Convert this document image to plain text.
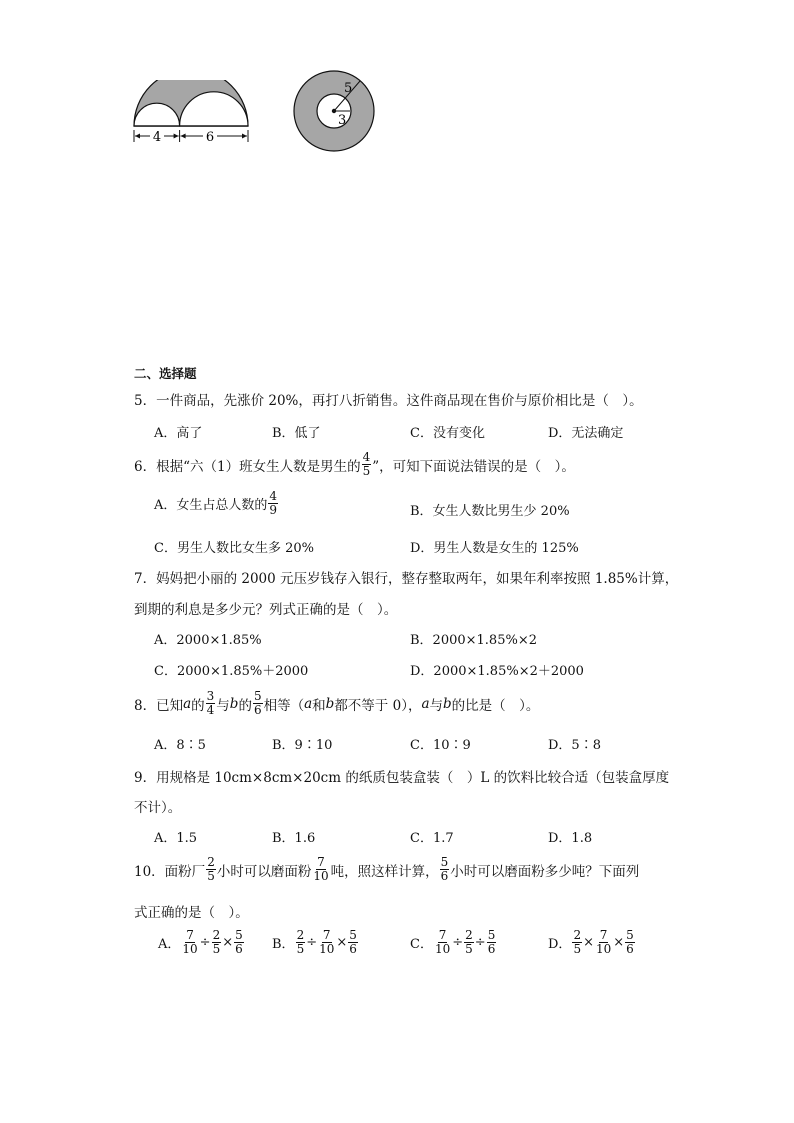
4	6
5
3
二、选择题
5．一件商品，先涨价 20%，再打八折销售。这件商品现在售价与原价相比是（　）。
A．高了	B．低了	C．没有变化	D．无法确定
6．根据“六（1）班女生人数是男生的 $\frac{4}{5}$ ”，可知下面说法错误的是（　）。
A．女生占总人数的 $\frac{4}{9}$	B．女生人数比男生少 20%
C．男生人数比女生多 20%	D．男生人数是女生的 125%
7．妈妈把小丽的 2000 元压岁钱存入银行，整存整取两年，如果年利率按照 1.85%计算，
到期的利息是多少元？列式正确的是（　）。
A．2000×1.85%	B．2000×1.85%×2
C．2000×1.85%＋2000	D．2000×1.85%×2＋2000
8．已知 a 的 $\frac{3}{4}$ 与 b 的 $\frac{5}{6}$ 相等（ a 和 b 都不等于 0）， a 与 b 的比是（　）。
A．8∶5	B．9∶10	C．10∶9	D．5∶8
9．用规格是 10cm×8cm×20cm 的纸质包装盒装（　）L 的饮料比较合适（包装盒厚度
不计）。
A．1.5	B．1.6	C．1.7	D．1.8
10．面粉厂 $\frac{2}{5}$ 小时可以磨面粉 $\frac{7}{10}$ 吨，照这样计算， $\frac{5}{6}$ 小时可以磨面粉多少吨？下面列
式正确的是（　）。
A． $\frac{7}{10} \div \frac{2}{5} \times \frac{5}{6}$ B． $\frac{2}{5} \div \frac{7}{10} \times \frac{5}{6}$	C． $\frac{7}{10} \div \frac{2}{5} \div \frac{5}{6}$	D． $\frac{2}{5} \times \frac{7}{10} \times \frac{5}{6}$
